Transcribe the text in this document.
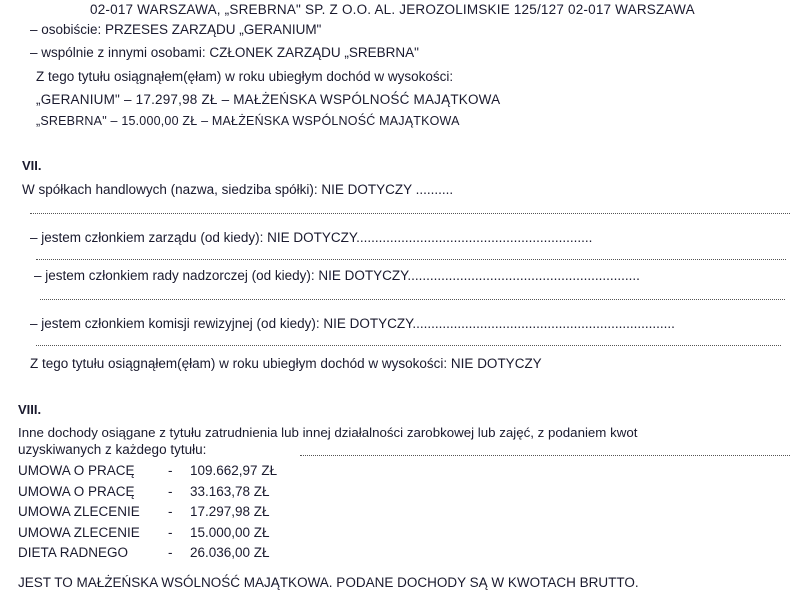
02-017 WARSZAWA, „SREBRNA" SP. Z O.O. AL. JEROZOLIMSKIE 125/127 02-017 WARSZAWA
– osobiście: PRZESES ZARZĄDU „GERANIUM"
– wspólnie z innymi osobami: CZŁONEK ZARZĄDU „SREBRNA"
Z tego tytułu osiągnąłem(ęłam) w roku ubiegłym dochód w wysokości:
„GERANIUM" – 17.297,98 ZŁ – MAŁŻEŃSKA WSPÓLNOŚĆ MAJĄTKOWA
„SREBRNA" – 15.000,00 ZŁ – MAŁŻEŃSKA WSPÓLNOŚĆ MAJĄTKOWA
VII.
W spółkach handlowych (nazwa, siedziba spółki): NIE DOTYCZY ..........
– jestem członkiem zarządu (od kiedy): NIE DOTYCZY...............................................................
– jestem członkiem rady nadzorczej (od kiedy): NIE DOTYCZY..............................................................
– jestem członkiem komisji rewizyjnej (od kiedy): NIE DOTYCZY......................................................................
Z tego tytułu osiągnąłem(ęłam) w roku ubiegłym dochód w wysokości: NIE DOTYCZY
VIII.
Inne dochody osiągane z tytułu zatrudnienia lub innej działalności zarobkowej lub zajęć, z podaniem kwot
uzyskiwanych z każdego tytułu:
UMOWA O PRACĘ - 109.662,97 ZŁ
UMOWA O PRACĘ - 33.163,78 ZŁ
UMOWA ZLECENIE - 17.297,98 ZŁ
UMOWA ZLECENIE - 15.000,00 ZŁ
DIETA RADNEGO	- 26.036,00 ZŁ
JEST TO MAŁŻEŃSKA WSÓLNOŚĆ MAJĄTKOWA. PODANE DOCHODY SĄ W KWOTACH BRUTTO.
